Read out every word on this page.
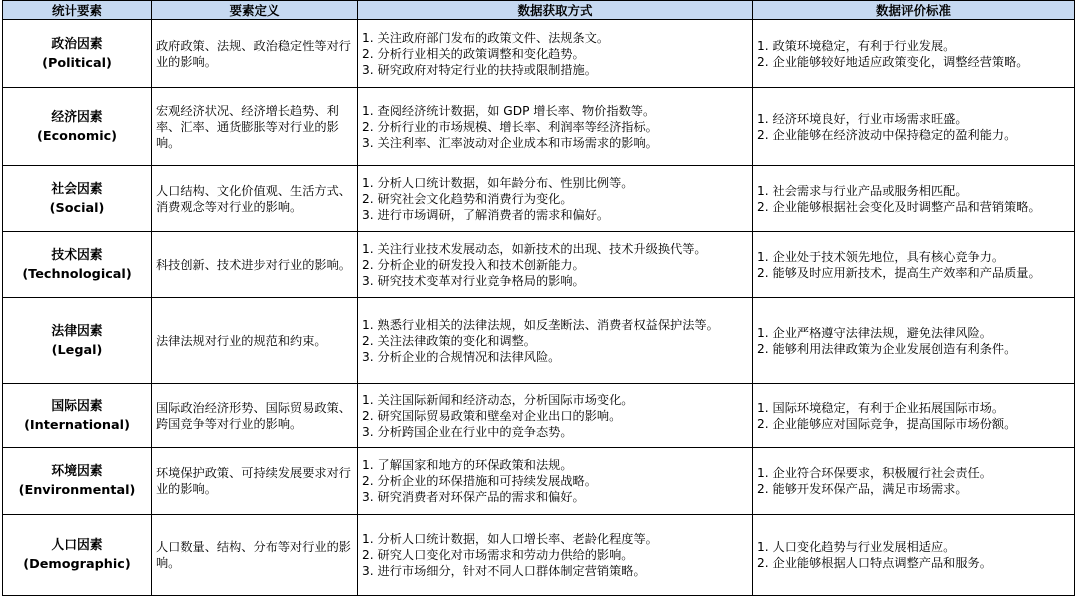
统计要素	要素定义	数据获取方式	数据评价标准

政治因素
(Political)	政府政策、法规、政治稳定性等对行业的影响。	1. 关注政府部门发布的政策文件、法规条文。
2. 分析行业相关的政策调整和变化趋势。
3. 研究政府对特定行业的扶持或限制措施。	1. 政策环境稳定，有利于行业发展。
2. 企业能够较好地适应政策变化，调整经营策略。

经济因素
(Economic)	宏观经济状况、经济增长趋势、利率、汇率、通货膨胀等对行业的影响。	1. 查阅经济统计数据，如 GDP 增长率、物价指数等。
2. 分析行业的市场规模、增长率、利润率等经济指标。
3. 关注利率、汇率波动对企业成本和市场需求的影响。	1. 经济环境良好，行业市场需求旺盛。
2. 企业能够在经济波动中保持稳定的盈利能力。

社会因素
(Social)	人口结构、文化价值观、生活方式、消费观念等对行业的影响。	1. 分析人口统计数据，如年龄分布、性别比例等。
2. 研究社会文化趋势和消费行为变化。
3. 进行市场调研，了解消费者的需求和偏好。	1. 社会需求与行业产品或服务相匹配。
2. 企业能够根据社会变化及时调整产品和营销策略。

技术因素
(Technological)	科技创新、技术进步对行业的影响。	1. 关注行业技术发展动态，如新技术的出现、技术升级换代等。
2. 分析企业的研发投入和技术创新能力。
3. 研究技术变革对行业竞争格局的影响。	1. 企业处于技术领先地位，具有核心竞争力。
2. 能够及时应用新技术，提高生产效率和产品质量。

法律因素
(Legal)	法律法规对行业的规范和约束。	1. 熟悉行业相关的法律法规，如反垄断法、消费者权益保护法等。
2. 关注法律政策的变化和调整。
3. 分析企业的合规情况和法律风险。	1. 企业严格遵守法律法规，避免法律风险。
2. 能够利用法律政策为企业发展创造有利条件。

国际因素
(International)	国际政治经济形势、国际贸易政策、跨国竞争等对行业的影响。	1. 关注国际新闻和经济动态，分析国际市场变化。
2. 研究国际贸易政策和壁垒对企业出口的影响。
3. 分析跨国企业在行业中的竞争态势。	1. 国际环境稳定，有利于企业拓展国际市场。
2. 企业能够应对国际竞争，提高国际市场份额。

环境因素
(Environmental)	环境保护政策、可持续发展要求对行业的影响。	1. 了解国家和地方的环保政策和法规。
2. 分析企业的环保措施和可持续发展战略。
3. 研究消费者对环保产品的需求和偏好。	1. 企业符合环保要求，积极履行社会责任。
2. 能够开发环保产品，满足市场需求。

人口因素
(Demographic)	人口数量、结构、分布等对行业的影响。	1. 分析人口统计数据，如人口增长率、老龄化程度等。
2. 研究人口变化对市场需求和劳动力供给的影响。
3. 进行市场细分，针对不同人口群体制定营销策略。	1. 人口变化趋势与行业发展相适应。
2. 企业能够根据人口特点调整产品和服务。
